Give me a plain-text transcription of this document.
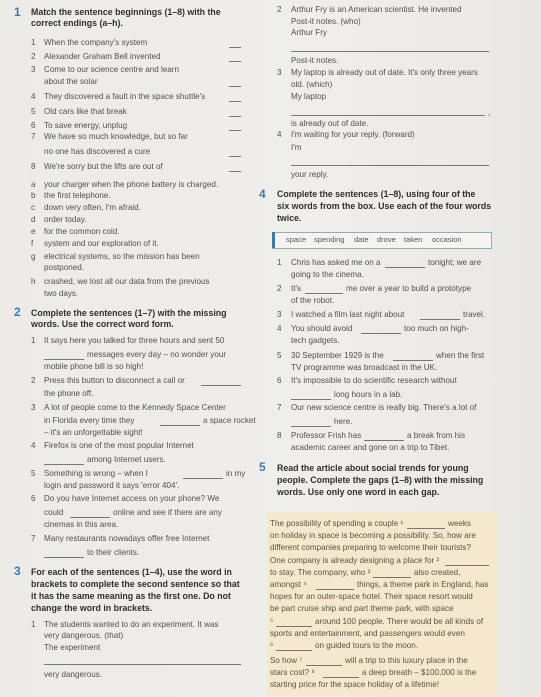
1 Match the sentence beginnings (1–8) with the
correct endings (a–h).
1 When the company's system
2 Alexander Graham Bell invented
3 Come to our science centre and learn
about the solar
4 They discovered a fault in the space shuttle's
5 Old cars like that break
6 To save energy, unplug
7 We have so much knowledge, but so far
no one has discovered a cure
8 We're sorry but the lifts are out of
a your charger when the phone battery is charged.
b the first telephone.
c down very often, I'm afraid.
d order today.
e for the common cold.
f system and our exploration of it.
g electrical systems, so the mission has been
postponed.
h crashed, we lost all our data from the previous
two days.
2 Complete the sentences (1–7) with the missing
words. Use the correct word form.
1 It says here you talked for three hours and sent 50
messages every day – no wonder your
mobile phone bill is so high!
2 Press this button to disconnect a call or
the phone off.
3 A lot of people come to the Kennedy Space Center
in Florida every time they	a space rocket
– it's an unforgettable sight!
4 Firefox is one of the most popular Internet
among Internet users.
5 Something is wrong – when I	in my
login and password it says 'error 404'.
6 Do you have Internet access on your phone? We
could	online and see if there are any
cinemas in this area.
7 Many restaurants nowadays offer free Internet
to their clients.
3 For each of the sentences (1–4), use the word in
brackets to complete the second sentence so that
it has the same meaning as the first one. Do not
change the word in brackets.
1 The students wanted to do an experiment. It was
very dangerous. (that)
The experiment
very dangerous.
2 Arthur Fry is an American scientist. He invented
Post-it notes. (who)
Arthur Fry
Post-it notes.
3 My laptop is already out of date. It's only three years
old. (which)
My laptop
,
is already out of date.
4 I'm waiting for your reply. (forward)
I'm
your reply.
4 Complete the sentences (1–8), using four of the
six words from the box. Use each of the four words
twice.
space spending date drove taken occasion
1 Chris has asked me on a	tonight; we are
going to the cinema.
2 It's	me over a year to build a prototype
of the robot.
3 I watched a film last night about	travel.
4 You should avoid	too much on high-
tech gadgets.
5 30 September 1929 is the	when the first
TV programme was broadcast in the UK.
6 It's impossible to do scientific research without
long hours in a lab.
7 Our new science centre is really big. There's a lot of
here.
8 Professor Frish has	a break from his
academic career and gone on a trip to Tibet.
5 Read the article about social trends for young
people. Complete the gaps (1–8) with the missing
words. Use only one word in each gap.
The possibility of spending a couple ¹	weeks
on holiday in space is becoming a possibility. So, how are
different companies preparing to welcome their tourists?
One company is already designing a place for ²
to stay. The company, who ³	also created,
amongst ⁴	things, a theme park in England, has
hopes for an outer-space hotel. Their space resort would
be part cruise ship and part theme park, with space
⁵	around 100 people. There would be all kinds of
sports and entertainment, and passengers would even
⁶	on guided tours to the moon.
So how ⁷	will a trip to this luxury place in the
stars cost? ⁸	a deep breath – $100,000 is the
starting price for the space holiday of a lifetime!
